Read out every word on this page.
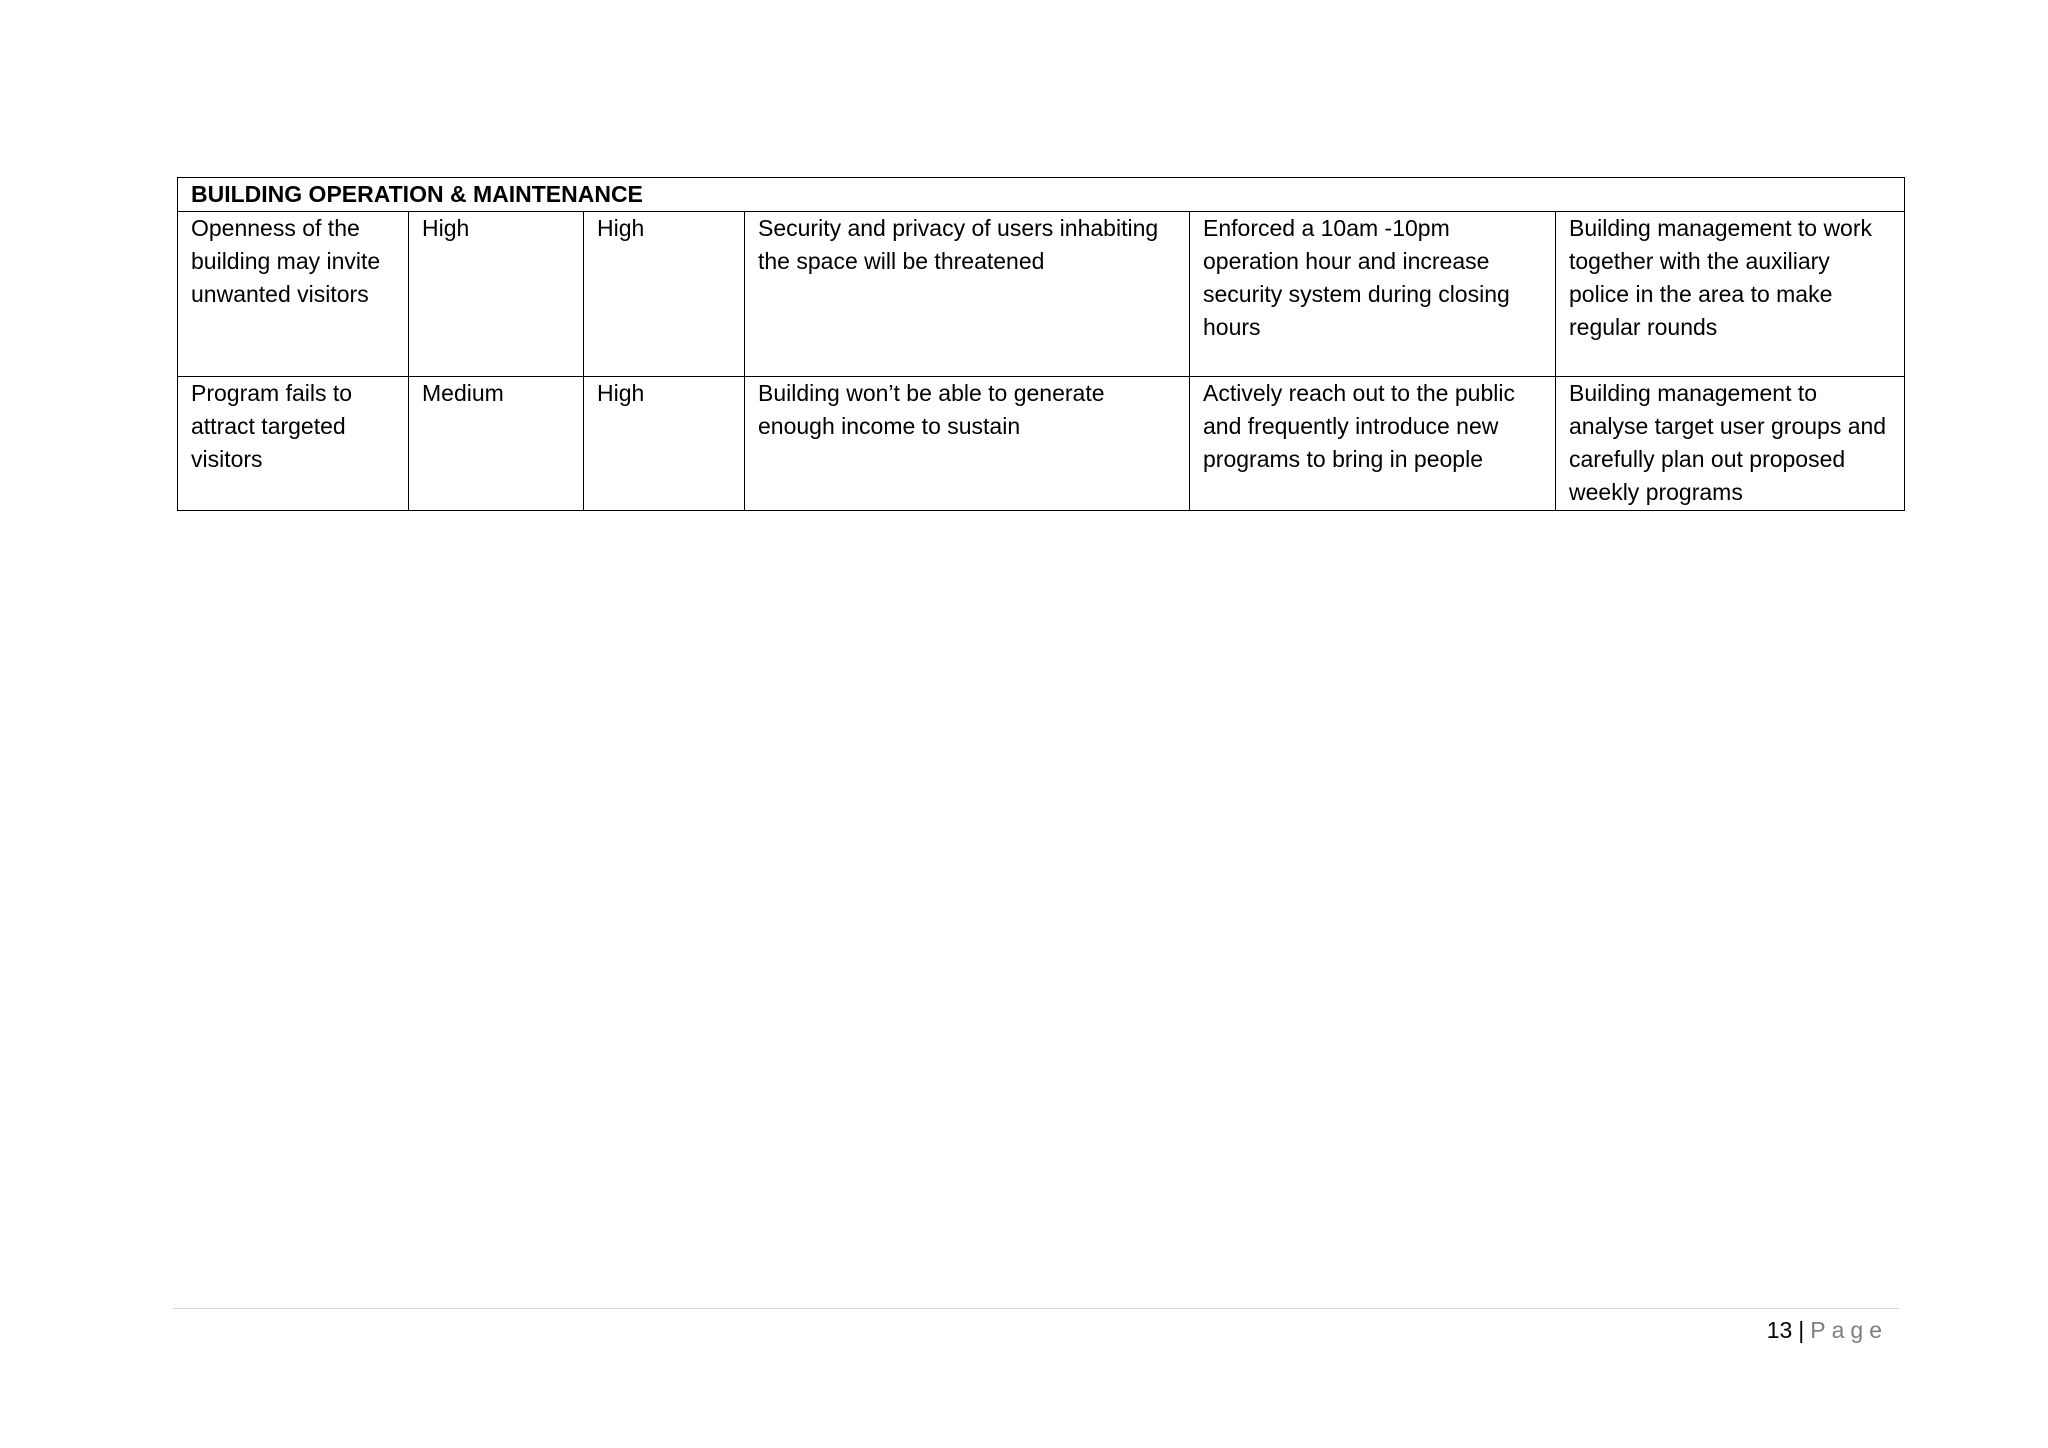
BUILDING OPERATION & MAINTENANCE					
Openness of the building may invite unwanted visitors	High	High	Security and privacy of users inhabiting the space will be threatened	Enforced a 10am -10pm operation hour and increase security system during closing hours	Building management to work together with the auxiliary police in the area to make regular rounds
Program fails to attract targeted visitors	Medium	High	Building won’t be able to generate enough income to sustain	Actively reach out to the public and frequently introduce new programs to bring in people	Building management to analyse target user groups and carefully plan out proposed weekly programs
13 | Page
